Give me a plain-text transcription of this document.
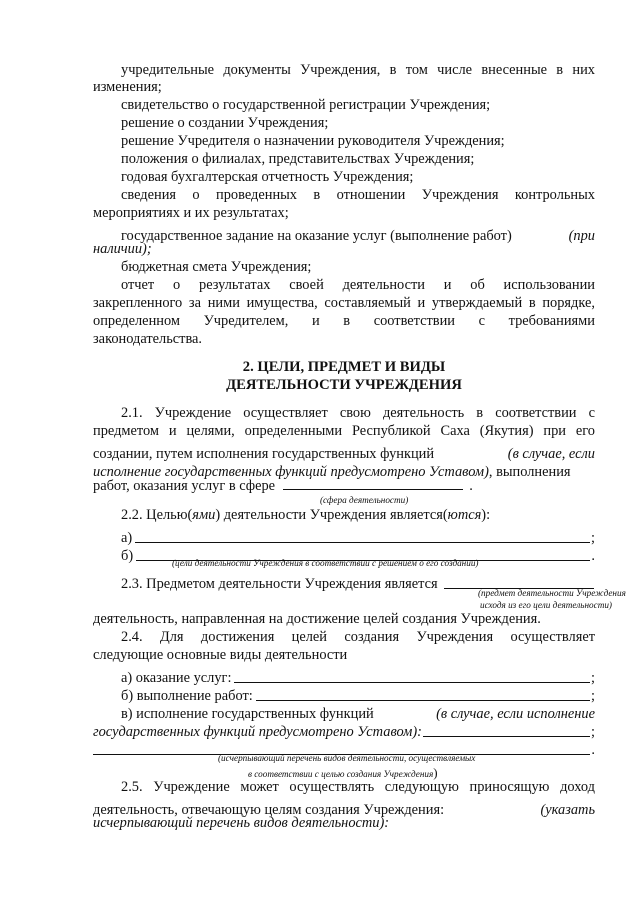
учредительные документы Учреждения, в том числе внесенные в них
изменения;
свидетельство о государственной регистрации Учреждения;
решение о создании Учреждения;
решение Учредителя о назначении руководителя Учреждения;
положения о филиалах, представительствах Учреждения;
годовая бухгалтерская отчетность Учреждения;
сведения о проведенных в отношении Учреждения контрольных
мероприятиях и их результатах;
государственное задание на оказание услуг (выполнение работ)	(при
наличии);
бюджетная смета Учреждения;
отчет о результатах своей деятельности и об использовании
закрепленного за ними имущества, составляемый и утверждаемый в порядке,
определенном Учредителем, и в соответствии с требованиями
законодательства.
2. ЦЕЛИ, ПРЕДМЕТ И ВИДЫ
ДЕЯТЕЛЬНОСТИ УЧРЕЖДЕНИЯ
2.1. Учреждение осуществляет свою деятельность в соответствии с
предметом и целями, определенными Республикой Саха (Якутия) при его
создании, путем исполнения государственных функций	(в случае, если
исполнение государственных функций предусмотрено Уставом) , выполнения
работ, оказания услуг в сфере	.
(сфера деятельности)
2.2. Целью(ями) деятельности Учреждения является(ются):
а)	;
б)	.
(цели деятельности Учреждения в соответствии с решением о его создании)
2.3. Предметом деятельности Учреждения является
(предмет деятельности Учреждения
исходя из его цели деятельности)
деятельность, направленная на достижение целей создания Учреждения.
2.4. Для достижения целей создания Учреждения осуществляет
следующие основные виды деятельности
а) оказание услуг:	;
б) выполнение работ:	;
в) исполнение государственных функций	(в случае, если исполнение
государственных функций предусмотрено Уставом):	;
.
(исчерпывающий перечень видов деятельности, осуществляемых
в соответствии с целью создания Учреждения)
2.5. Учреждение может осуществлять следующую приносящую доход
деятельность, отвечающую целям создания Учреждения:	(указать
исчерпывающий перечень видов деятельности):
